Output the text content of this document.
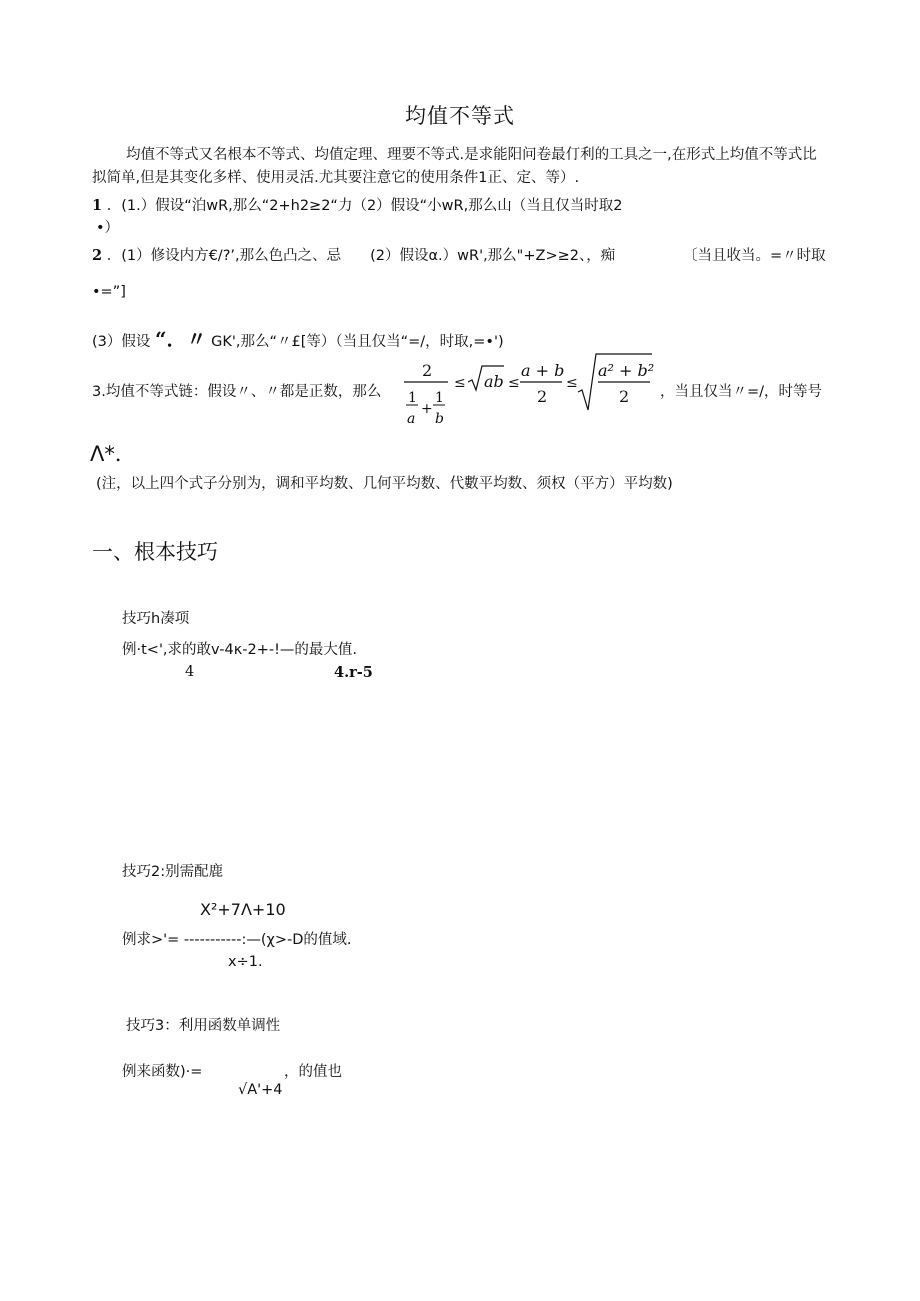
均值不等式
均值不等式又名根本不等式、均值定理、理要不等式.是求能阳问卷最仃利的工具之一,在形式上均值不等式比
拟简单,但是其变化多样、使用灵活.尤其要注意它的使用条件1正、定、等）.
1 ．(1.）假设“泊wR,那么“2+h2≥2“力（2）假设“小wR,那么山（当且仅当时取2
•）
2 ．(1）修设内方€/?’,那么色凸之、忌　　(2）假设α.）wR',那么"+Z>≥2、，痴	〔当且收当。=〃时取
•=”]
(3）假设 “．〃 GK',那么“〃£[等）（当且仅当“=/，时取,=•')
3.均值不等式链：假设〃、〃都是正数，那么
2
1
a
+
1
b
≤ ab ≤
a + b
2
≤
a² + b²
2 ，当且仅当〃=/，时等号
Λ*．
(注，以上四个式子分别为，调和平均数、几何平均数、代數平均数、须权（平方）平均数)
一、根本技巧
技巧h凑项
例·t<',求的敢v-4κ-2+-!—的最大值.
4	4.r-5
技巧2:别需配鹿
X²+7Λ+10
例求>'= -----------:—(χ>-D的值域.
x÷1.
技巧3：利用函数单调性
例来函数)·=	，的值也
√A'+4
